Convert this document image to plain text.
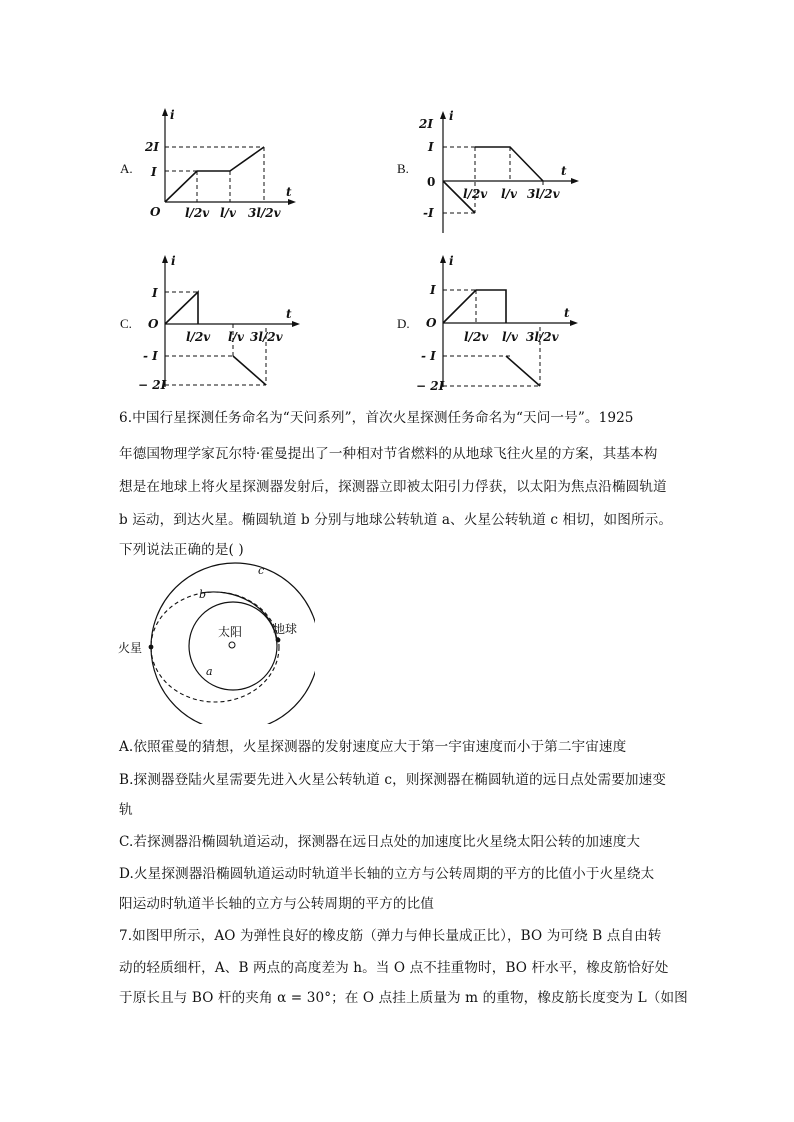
A.
i
t
O
2I
I
l/2v l/v 3l/2v
B.
i
t
0
2I
I
-I
l/2v l/v 3l/2v
C.
i
t
O
I
- I
− 2I
l/2v l/v 3l/2v
D.
i
t
O
I
- I
− 2I
l/2v l/v 3l/2v
6.中国行星探测任务命名为“天问系列”，首次火星探测任务命名为“天问一号”。1925
年德国物理学家瓦尔特·霍曼提出了一种相对节省燃料的从地球飞往火星的方案，其基本构
想是在地球上将火星探测器发射后，探测器立即被太阳引力俘获，以太阳为焦点沿椭圆轨道
b 运动，到达火星。椭圆轨道 b 分别与地球公转轨道 a、火星公转轨道 c 相切，如图所示。
下列说法正确的是( )
火星
太阳	地球
a
b
c
A.依照霍曼的猜想，火星探测器的发射速度应大于第一宇宙速度而小于第二宇宙速度
B.探测器登陆火星需要先进入火星公转轨道 c，则探测器在椭圆轨道的远日点处需要加速变
轨
C.若探测器沿椭圆轨道运动，探测器在远日点处的加速度比火星绕太阳公转的加速度大
D.火星探测器沿椭圆轨道运动时轨道半长轴的立方与公转周期的平方的比值小于火星绕太
阳运动时轨道半长轴的立方与公转周期的平方的比值
7.如图甲所示，AO 为弹性良好的橡皮筋（弹力与伸长量成正比），BO 为可绕 B 点自由转
动的轻质细杆，A、B 两点的高度差为 h。当 O 点不挂重物时，BO 杆水平，橡皮筋恰好处
于原长且与 BO 杆的夹角 α = 30°；在 O 点挂上质量为 m 的重物，橡皮筋长度变为 L（如图
